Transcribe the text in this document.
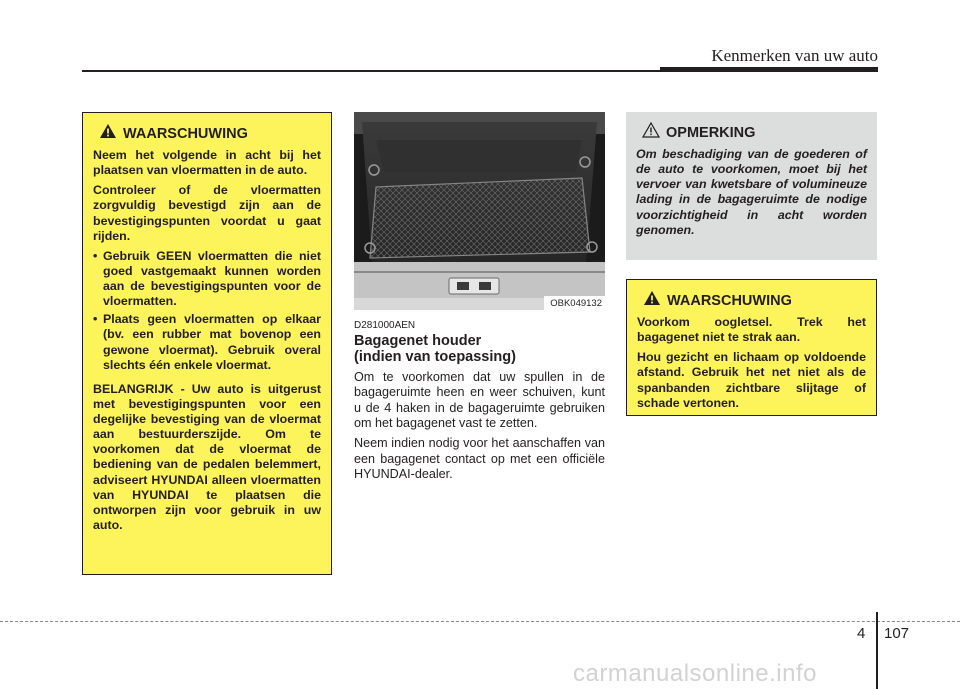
Kenmerken van uw auto
WAARSCHUWING

Neem het volgende in acht bij het plaatsen van vloermatten in de auto.

Controleer of de vloermatten zorgvuldig bevestigd zijn aan de bevestigingspunten voordat u gaat rijden.

• Gebruik GEEN vloermatten die niet goed vastgemaakt kunnen worden aan de bevestigingspunten voor de vloermatten.
• Plaats geen vloermatten op elkaar (bv. een rubber mat bovenop een gewone vloermat). Gebruik overal slechts één enkele vloermat.

BELANGRIJK - Uw auto is uitgerust met bevestigingspunten voor een degelijke bevestiging van de vloermat aan bestuurderszijde. Om te voorkomen dat de vloermat de bediening van de pedalen belemmert, adviseert HYUNDAI alleen vloermatten van HYUNDAI te plaatsen die ontworpen zijn voor gebruik in uw auto.

OBK049132
D281000AEN
Bagagenet houder
(indien van toepassing)

Om te voorkomen dat uw spullen in de bagageruimte heen en weer schuiven, kunt u de 4 haken in de bagageruimte gebruiken om het bagagenet vast te zetten.

Neem indien nodig voor het aanschaffen van een bagagenet contact op met een officiële HYUNDAI-dealer.

OPMERKING
Om beschadiging van de goederen of de auto te voorkomen, moet bij het vervoer van kwetsbare of volumineuze lading in de bagageruimte de nodige voorzichtigheid in acht worden genomen.
WAARSCHUWING

Voorkom oogletsel. Trek het bagagenet niet te strak aan.

Hou gezicht en lichaam op voldoende afstand. Gebruik het net niet als de spanbanden zichtbare slijtage of schade vertonen.

4 107
carmanualsonline.info
